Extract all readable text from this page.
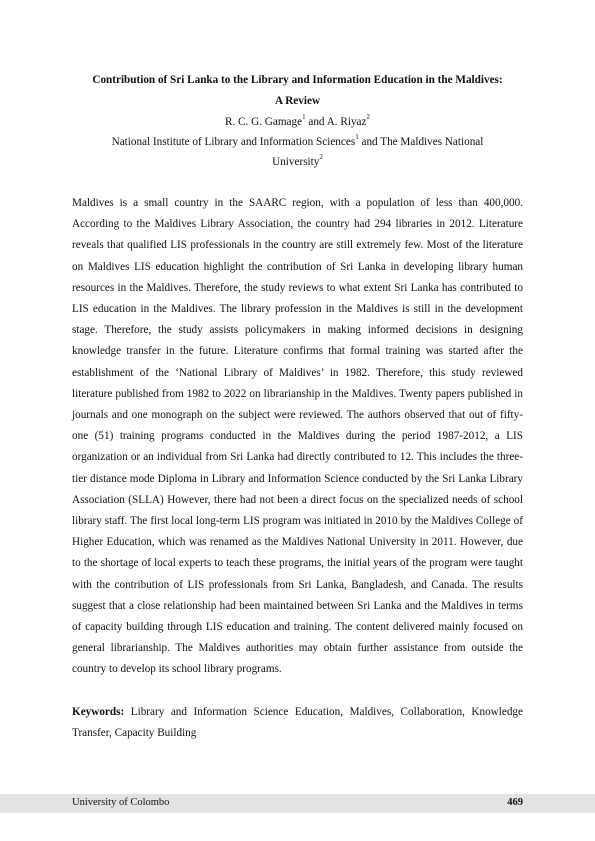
Contribution of Sri Lanka to the Library and Information Education in the Maldives:
A Review
R. C. G. Gamage$^1$ and A. Riyaz$^2$
National Institute of Library and Information Sciences$^1$ and The Maldives National University$^2$

Maldives is a small country in the SAARC region, with a population of less than 400,000. According to the Maldives Library Association, the country had 294 libraries in 2012. Literature reveals that qualified LIS professionals in the country are still extremely few. Most of the literature on Maldives LIS education highlight the contribution of Sri Lanka in developing library human resources in the Maldives. Therefore, the study reviews to what extent Sri Lanka has contributed to LIS education in the Maldives. The library profession in the Maldives is still in the development stage. Therefore, the study assists policymakers in making informed decisions in designing knowledge transfer in the future. Literature confirms that formal training was started after the establishment of the ‘National Library of Maldives’ in 1982. Therefore, this study reviewed literature published from 1982 to 2022 on librarianship in the Maldives. Twenty papers published in journals and one monograph on the subject were reviewed. The authors observed that out of fifty-one (51) training programs conducted in the Maldives during the period 1987-2012, a LIS organization or an individual from Sri Lanka had directly contributed to 12. This includes the three-tier distance mode Diploma in Library and Information Science conducted by the Sri Lanka Library Association (SLLA) However, there had not been a direct focus on the specialized needs of school library staff. The first local long-term LIS program was initiated in 2010 by the Maldives College of Higher Education, which was renamed as the Maldives National University in 2011. However, due to the shortage of local experts to teach these programs, the initial years of the program were taught with the contribution of LIS professionals from Sri Lanka, Bangladesh, and Canada. The results suggest that a close relationship had been maintained between Sri Lanka and the Maldives in terms of capacity building through LIS education and training. The content delivered mainly focused on general librarianship. The Maldives authorities may obtain further assistance from outside the country to develop its school library programs.

Keywords: Library and Information Science Education, Maldives, Collaboration, Knowledge Transfer, Capacity Building

University of Colombo	469
